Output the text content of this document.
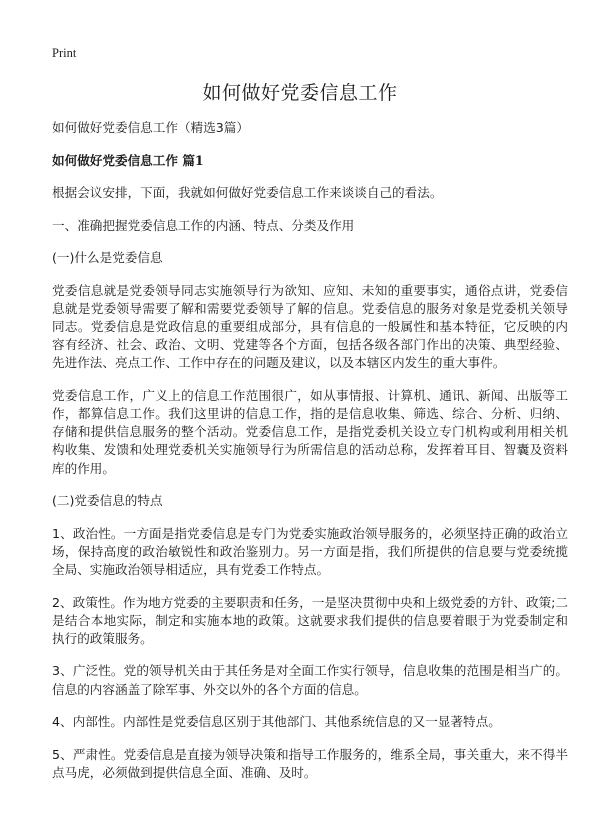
Print
如何做好党委信息工作

如何做好党委信息工作（精选3篇）

如何做好党委信息工作 篇1

根据会议安排，下面，我就如何做好党委信息工作来谈谈自己的看法。

一、准确把握党委信息工作的内涵、特点、分类及作用

(一)什么是党委信息

党委信息就是党委领导同志实施领导行为欲知、应知、未知的重要事实，通俗点讲，党委信息就是党委领导需要了解和需要党委领导了解的信息。党委信息的服务对象是党委机关领导同志。党委信息是党政信息的重要组成部分，具有信息的一般属性和基本特征，它反映的内容有经济、社会、政治、文明、党建等各个方面，包括各级各部门作出的决策、典型经验、先进作法、亮点工作、工作中存在的问题及建议，以及本辖区内发生的重大事件。

党委信息工作，广义上的信息工作范围很广，如从事情报、计算机、通讯、新闻、出版等工作，都算信息工作。我们这里讲的信息工作，指的是信息收集、筛选、综合、分析、归纳、存储和提供信息服务的整个活动。党委信息工作，是指党委机关设立专门机构或利用相关机构收集、发馈和处理党委机关实施领导行为所需信息的活动总称，发挥着耳目、智囊及资料库的作用。

(二)党委信息的特点

1、政治性。一方面是指党委信息是专门为党委实施政治领导服务的，必须坚持正确的政治立场，保持高度的政治敏锐性和政治鉴别力。另一方面是指，我们所提供的信息要与党委统揽全局、实施政治领导相适应，具有党委工作特点。

2、政策性。作为地方党委的主要职责和任务，一是坚决贯彻中央和上级党委的方针、政策;二是结合本地实际，制定和实施本地的政策。这就要求我们提供的信息要着眼于为党委制定和执行的政策服务。

3、广泛性。党的领导机关由于其任务是对全面工作实行领导，信息收集的范围是相当广的。信息的内容涵盖了除军事、外交以外的各个方面的信息。

4、内部性。内部性是党委信息区别于其他部门、其他系统信息的又一显著特点。

5、严肃性。党委信息是直接为领导决策和指导工作服务的，维系全局，事关重大，来不得半点马虎，必须做到提供信息全面、准确、及时。
